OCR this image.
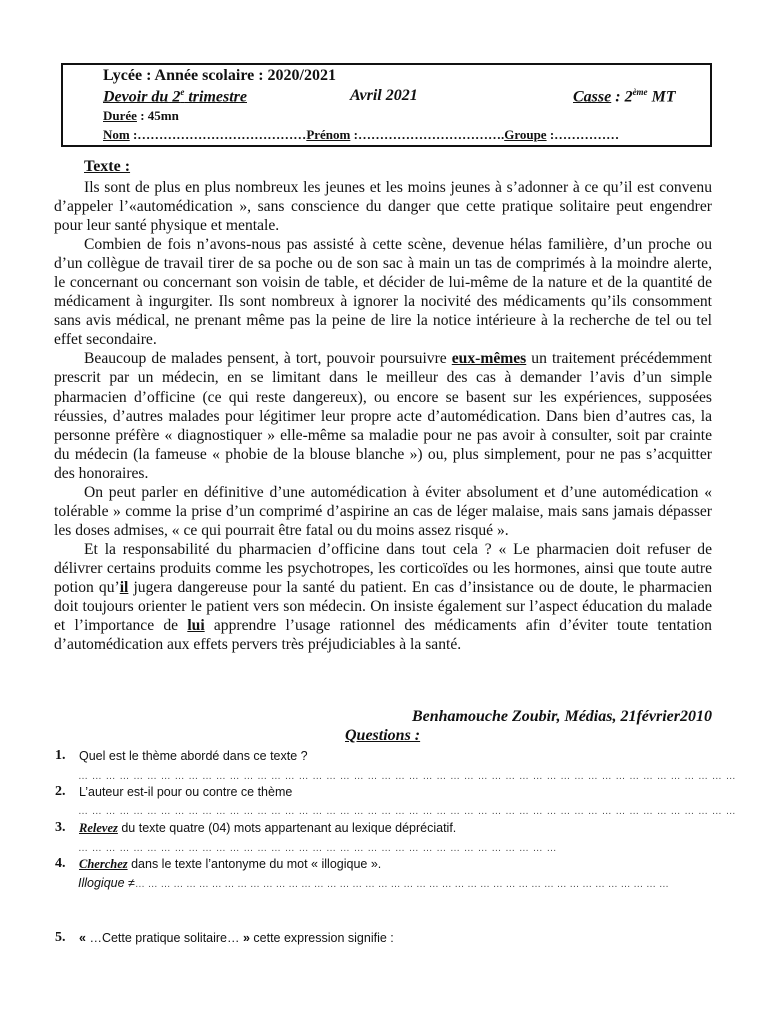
Lycée : Année scolaire : 2020/2021
Devoir du 2e trimestre	Avril 2021	Casse : 2ème MT
Durée : 45mn
Nom :…………………………………Prénom :…………………………….Groupe :……………
Texte :

Ils sont de plus en plus nombreux les jeunes et les moins jeunes à s’adonner à ce qu’il est convenu d’appeler l’«automédication », sans conscience du danger que cette pratique solitaire peut engendrer pour leur santé physique et mentale.

Combien de fois n’avons-nous pas assisté à cette scène, devenue hélas familière, d’un proche ou d’un collègue de travail tirer de sa poche ou de son sac à main un tas de comprimés à la moindre alerte, le concernant ou concernant son voisin de table, et décider de lui-même de la nature et de la quantité de médicament à ingurgiter. Ils sont nombreux à ignorer la nocivité des médicaments qu’ils consomment sans avis médical, ne prenant même pas la peine de lire la notice intérieure à la recherche de tel ou tel effet secondaire.

Beaucoup de malades pensent, à tort, pouvoir poursuivre eux-mêmes un traitement précédemment prescrit par un médecin, en se limitant dans le meilleur des cas à demander l’avis d’un simple pharmacien d’officine (ce qui reste dangereux), ou encore se basent sur les expériences, supposées réussies, d’autres malades pour légitimer leur propre acte d’automédication. Dans bien d’autres cas, la personne préfère « diagnostiquer » elle-même sa maladie pour ne pas avoir à consulter, soit par crainte du médecin (la fameuse « phobie de la blouse blanche ») ou, plus simplement, pour ne pas s’acquitter des honoraires.

On peut parler en définitive d’une automédication à éviter absolument et d’une automédication « tolérable » comme la prise d’un comprimé d’aspirine an cas de léger malaise, mais sans jamais dépasser les doses admises, « ce qui pourrait être fatal ou du moins assez risqué ».

Et la responsabilité du pharmacien d’officine dans tout cela ? « Le pharmacien doit refuser de délivrer certains produits comme les psychotropes, les corticoïdes ou les hormones, ainsi que toute autre potion qu’il jugera dangereuse pour la santé du patient. En cas d’insistance ou de doute, le pharmacien doit toujours orienter le patient vers son médecin. On insiste également sur l’aspect éducation du malade et l’importance de lui apprendre l’usage rationnel des médicaments afin d’éviter toute tentation d’automédication aux effets pervers très préjudiciables à la santé.

Benhamouche Zoubir, Médias, 21février2010
Questions :
1. Quel est le thème abordé dans ce texte ?
… … … … … … … … … … … … … … … … … … … … … … … … … … … … … … … … … … … … … … … … … … … … … … … …
2. L’auteur est-il pour ou contre ce thème
… … … … … … … … … … … … … … … … … … … … … … … … … … … … … … … … … … … … … … … … … … … … … … … …
3. Relevez du texte quatre (04) mots appartenant au lexique dépréciatif.
… … … … … … … … … … … … … … … … … … … … … … … … … … … … … … … … … … …
4. Cherchez dans le texte l’antonyme du mot « illogique ».
Illogique ≠… … … … … … … … … … … … … … … … … … … … … … … … … … … … … … … … … … … … … … … … … …
5. « …Cette pratique solitaire… » cette expression signifie :
